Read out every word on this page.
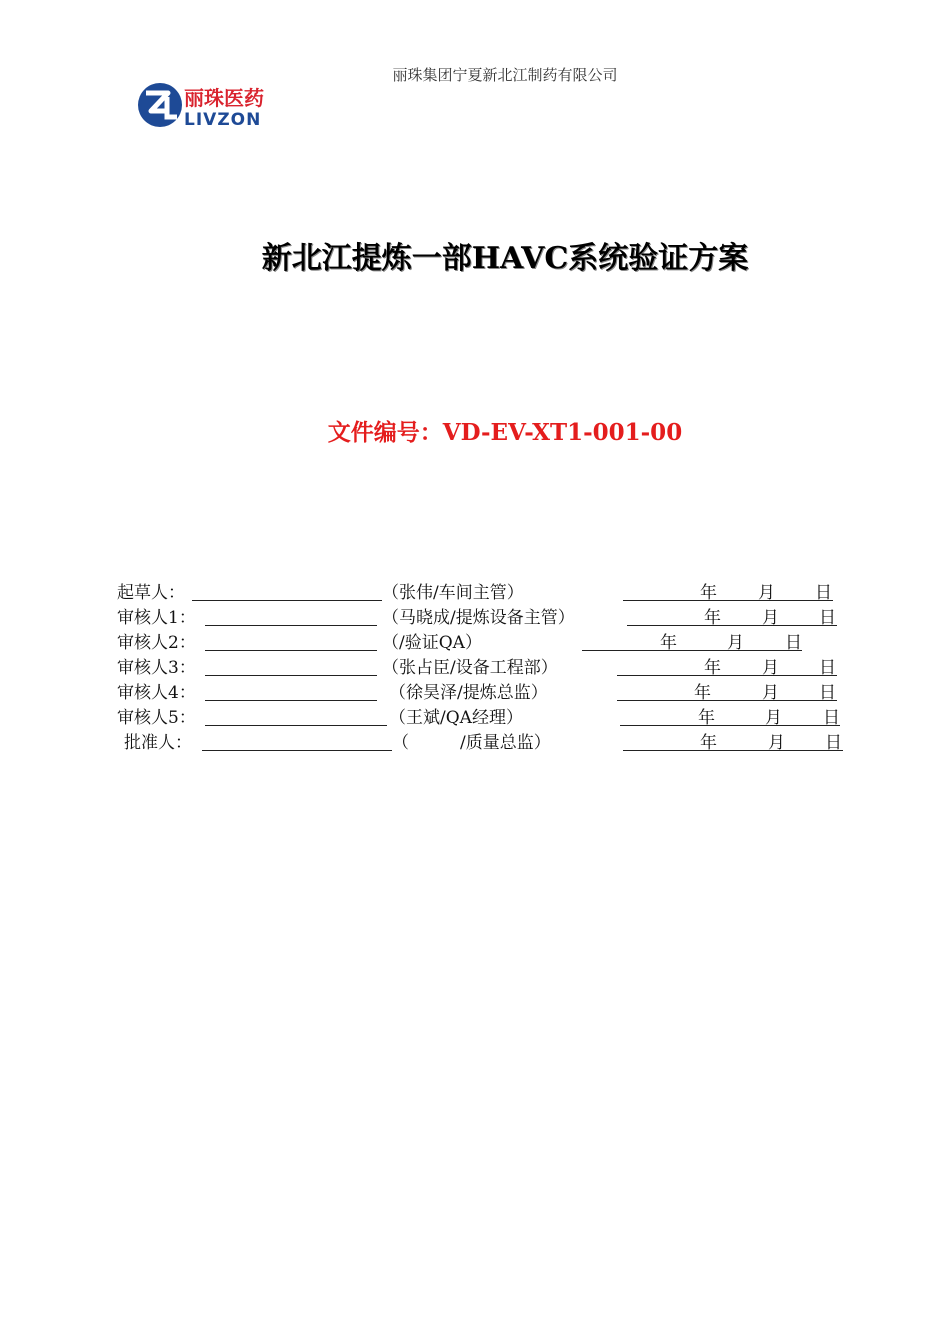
丽珠集团宁夏新北江制药有限公司
丽珠医药
LIVZON
新北江提炼一部HAVC系统验证方案
文件编号：VD-EV-XT1-001-00
起草人：	（张伟/车间主管）	年 月 日
审核人1：	（马晓成/提炼设备主管）	年 月 日
审核人2：	（/验证QA）	年	月 日
审核人3：	（张占臣/设备工程部）	年 月 日
审核人4：	（徐昊泽/提炼总监）	年	月 日
审核人5：	（王斌/QA经理）	年	月 日
批准人：	（　　　/质量总监）	年	月 日
